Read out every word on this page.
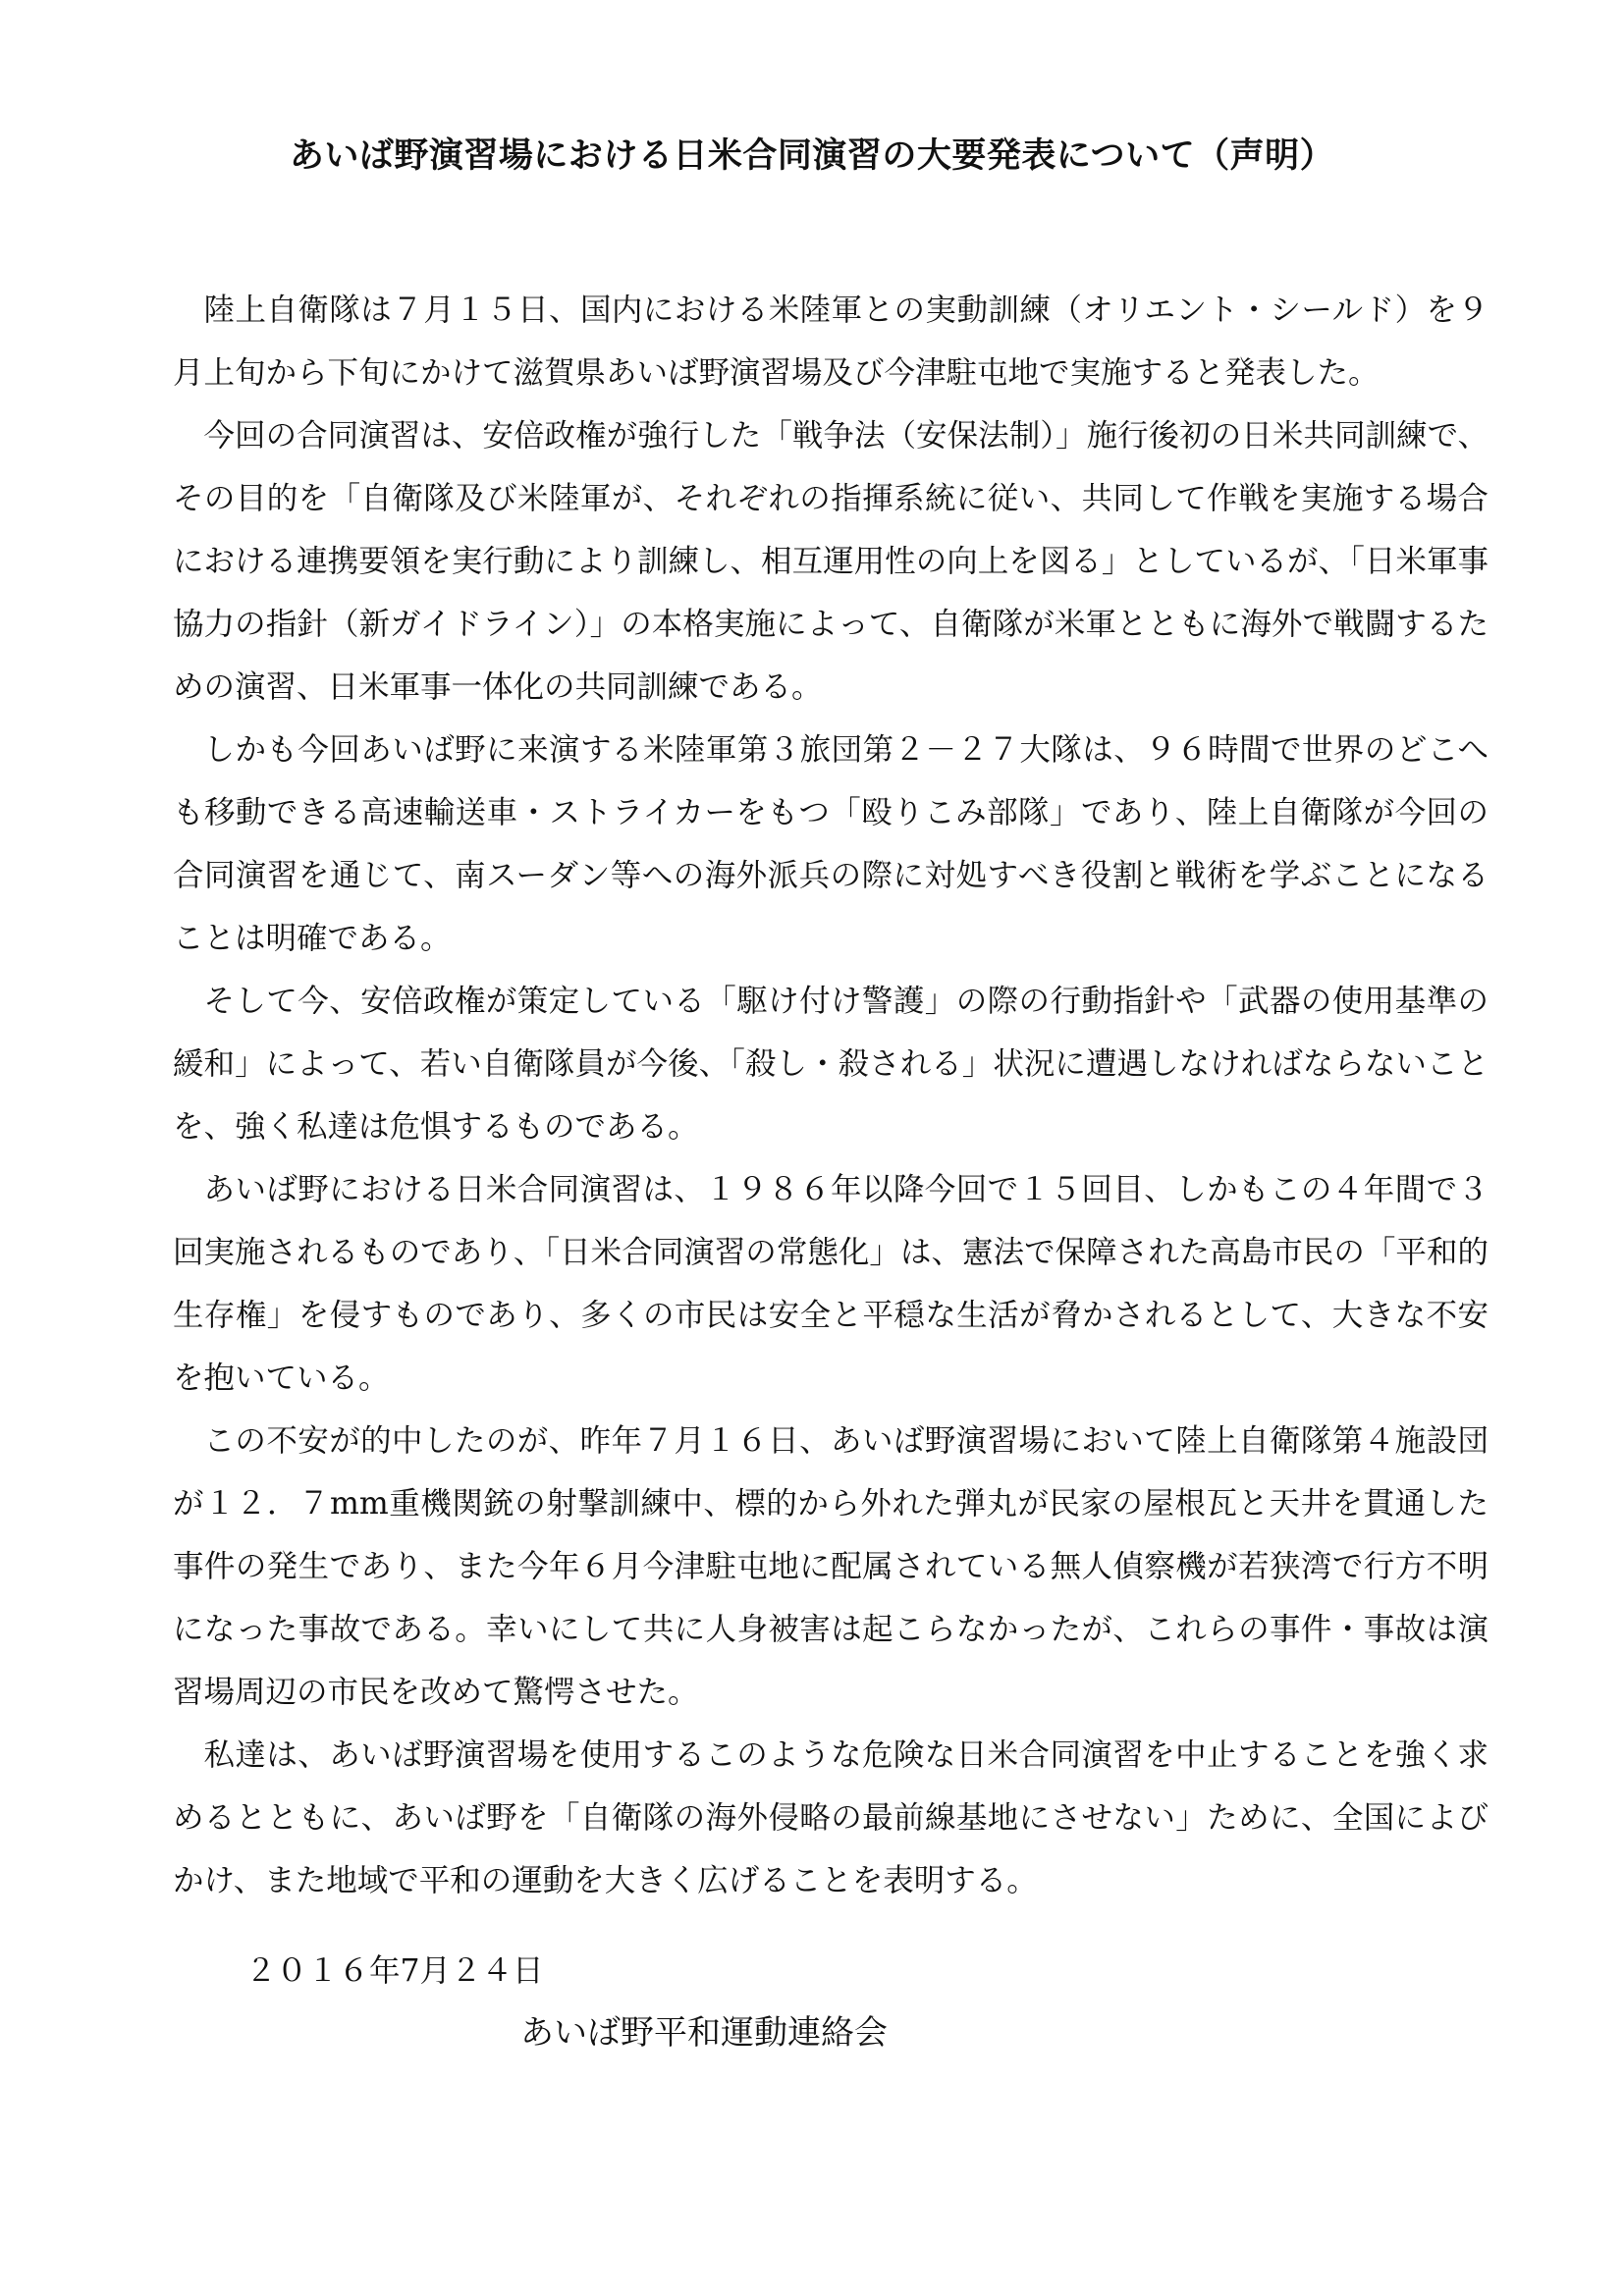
あいば野演習場における日米合同演習の大要発表について（声明）

陸上自衛隊は７月１５日、国内における米陸軍との実動訓練（オリエント・シールド）を９月上旬から下旬にかけて滋賀県あいば野演習場及び今津駐屯地で実施すると発表した。

今回の合同演習は、安倍政権が強行した「戦争法（安保法制）」施行後初の日米共同訓練で、その目的を「自衛隊及び米陸軍が、それぞれの指揮系統に従い、共同して作戦を実施する場合における連携要領を実行動により訓練し、相互運用性の向上を図る」としているが、「日米軍事協力の指針（新ガイドライン）」の本格実施によって、自衛隊が米軍とともに海外で戦闘するための演習、日米軍事一体化の共同訓練である。

しかも今回あいば野に来演する米陸軍第３旅団第２－２７大隊は、９６時間で世界のどこへも移動できる高速輸送車・ストライカーをもつ「殴りこみ部隊」であり、陸上自衛隊が今回の合同演習を通じて、南スーダン等への海外派兵の際に対処すべき役割と戦術を学ぶことになることは明確である。

そして今、安倍政権が策定している「駆け付け警護」の際の行動指針や「武器の使用基準の緩和」によって、若い自衛隊員が今後、「殺し・殺される」状況に遭遇しなければならないことを、強く私達は危惧するものである。

あいば野における日米合同演習は、１９８６年以降今回で１５回目、しかもこの４年間で３回実施されるものであり、「日米合同演習の常態化」は、憲法で保障された高島市民の「平和的生存権」を侵すものであり、多くの市民は安全と平穏な生活が脅かされるとして、大きな不安を抱いている。

この不安が的中したのが、昨年７月１６日、あいば野演習場において陸上自衛隊第４施設団が１２．７mm重機関銃の射撃訓練中、標的から外れた弾丸が民家の屋根瓦と天井を貫通した事件の発生であり、また今年６月今津駐屯地に配属されている無人偵察機が若狭湾で行方不明になった事故である。幸いにして共に人身被害は起こらなかったが、これらの事件・事故は演習場周辺の市民を改めて驚愕させた。

私達は、あいば野演習場を使用するこのような危険な日米合同演習を中止することを強く求めるとともに、あいば野を「自衛隊の海外侵略の最前線基地にさせない」ために、全国によびかけ、また地域で平和の運動を大きく広げることを表明する。

２０１６年7月２４日
あいば野平和運動連絡会
